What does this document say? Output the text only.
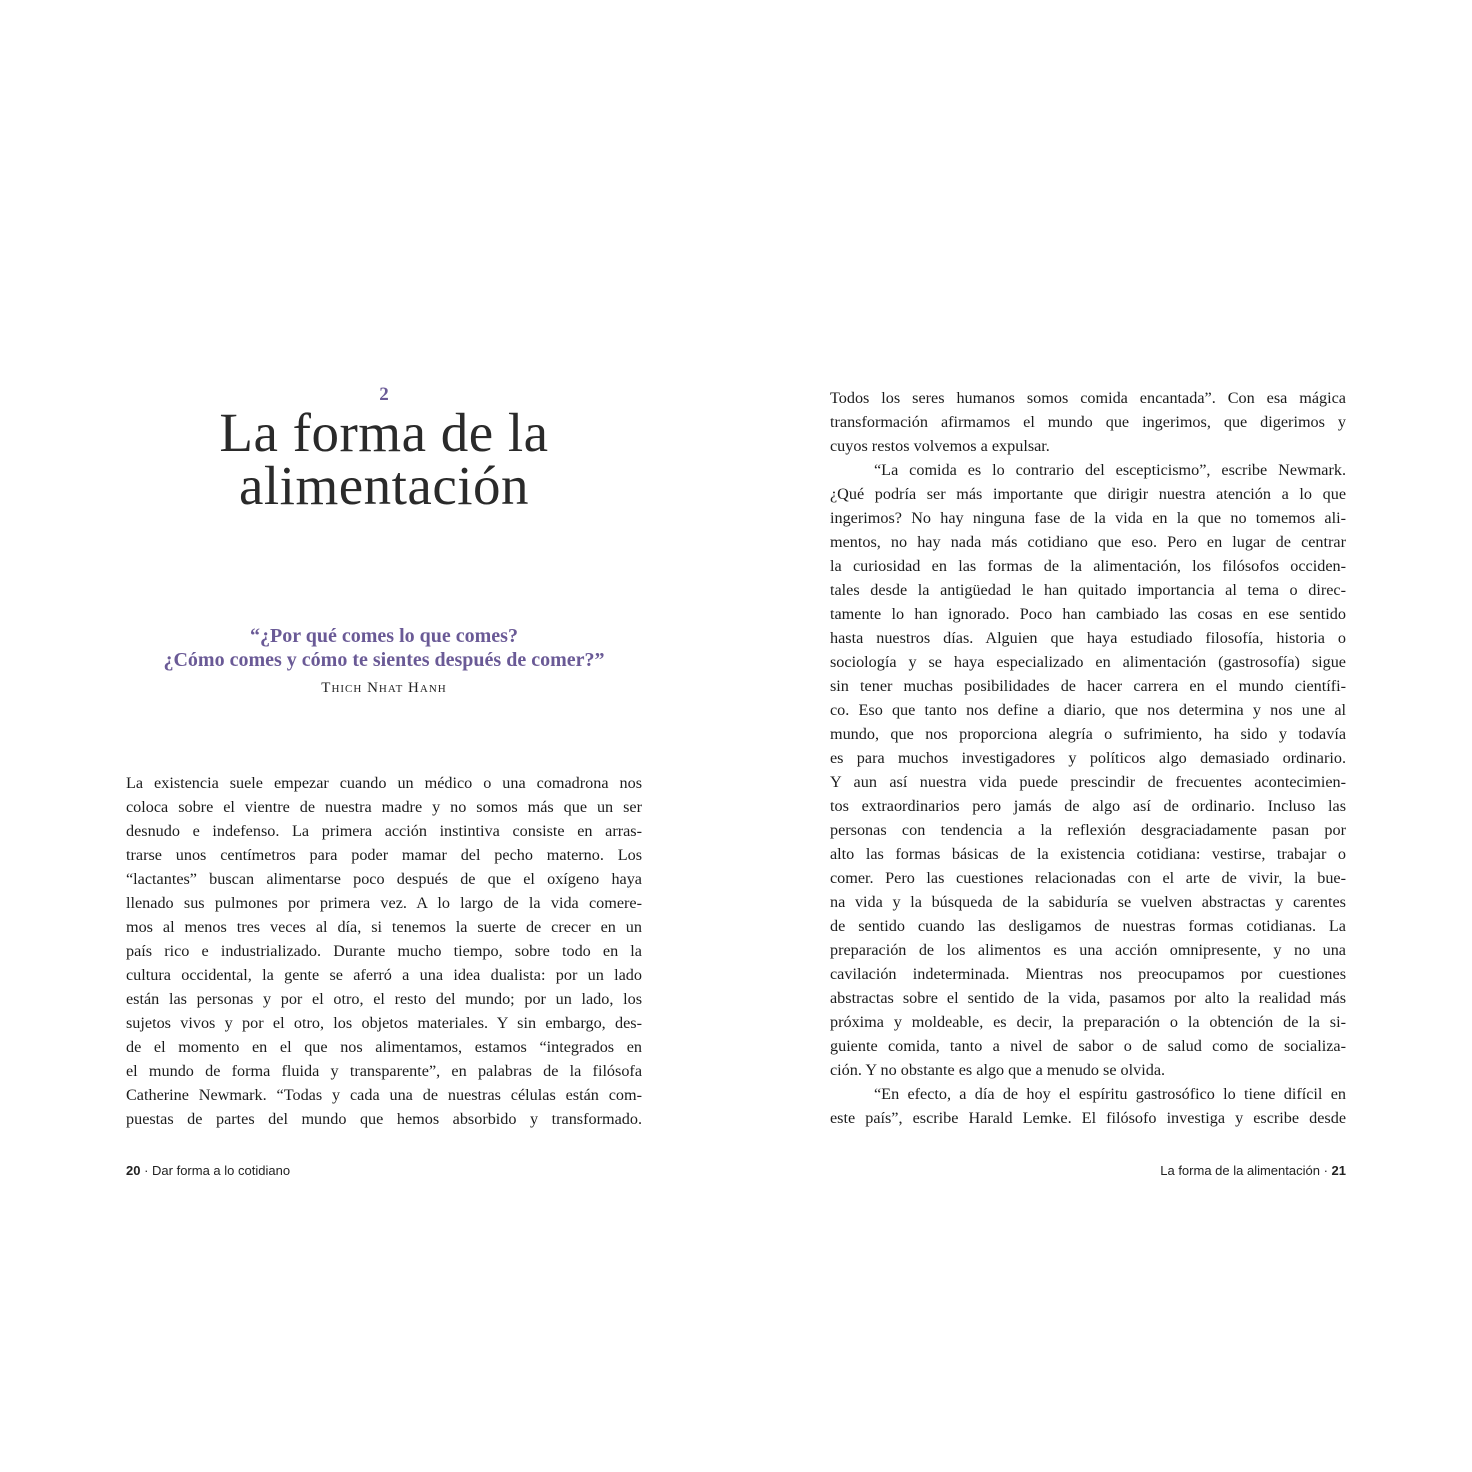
2
La forma de la
alimentación
“¿Por qué comes lo que comes?
¿Cómo comes y cómo te sientes después de comer?”
Thich Nhat Hanh
La existencia suele empezar cuando un médico o una comadrona nos
coloca sobre el vientre de nuestra madre y no somos más que un ser
desnudo e indefenso. La primera acción instintiva consiste en arras-
trarse unos centímetros para poder mamar del pecho materno. Los
“lactantes” buscan alimentarse poco después de que el oxígeno haya
llenado sus pulmones por primera vez. A lo largo de la vida comere-
mos al menos tres veces al día, si tenemos la suerte de crecer en un
país rico e industrializado. Durante mucho tiempo, sobre todo en la
cultura occidental, la gente se aferró a una idea dualista: por un lado
están las personas y por el otro, el resto del mundo; por un lado, los
sujetos vivos y por el otro, los objetos materiales. Y sin embargo, des-
de el momento en el que nos alimentamos, estamos “integrados en
el mundo de forma fluida y transparente”, en palabras de la filósofa
Catherine Newmark. “Todas y cada una de nuestras células están com-
puestas de partes del mundo que hemos absorbido y transformado.
20 · Dar forma a lo cotidiano
Todos los seres humanos somos comida encantada”. Con esa mágica
transformación afirmamos el mundo que ingerimos, que digerimos y
cuyos restos volvemos a expulsar.
“La comida es lo contrario del escepticismo”, escribe Newmark.
¿Qué podría ser más importante que dirigir nuestra atención a lo que
ingerimos? No hay ninguna fase de la vida en la que no tomemos ali-
mentos, no hay nada más cotidiano que eso. Pero en lugar de centrar
la curiosidad en las formas de la alimentación, los filósofos occiden-
tales desde la antigüedad le han quitado importancia al tema o direc-
tamente lo han ignorado. Poco han cambiado las cosas en ese sentido
hasta nuestros días. Alguien que haya estudiado filosofía, historia o
sociología y se haya especializado en alimentación (gastrosofía) sigue
sin tener muchas posibilidades de hacer carrera en el mundo científi-
co. Eso que tanto nos define a diario, que nos determina y nos une al
mundo, que nos proporciona alegría o sufrimiento, ha sido y todavía
es para muchos investigadores y políticos algo demasiado ordinario.
Y aun así nuestra vida puede prescindir de frecuentes acontecimien-
tos extraordinarios pero jamás de algo así de ordinario. Incluso las
personas con tendencia a la reflexión desgraciadamente pasan por
alto las formas básicas de la existencia cotidiana: vestirse, trabajar o
comer. Pero las cuestiones relacionadas con el arte de vivir, la bue-
na vida y la búsqueda de la sabiduría se vuelven abstractas y carentes
de sentido cuando las desligamos de nuestras formas cotidianas. La
preparación de los alimentos es una acción omnipresente, y no una
cavilación indeterminada. Mientras nos preocupamos por cuestiones
abstractas sobre el sentido de la vida, pasamos por alto la realidad más
próxima y moldeable, es decir, la preparación o la obtención de la si-
guiente comida, tanto a nivel de sabor o de salud como de socializa-
ción. Y no obstante es algo que a menudo se olvida.
“En efecto, a día de hoy el espíritu gastrosófico lo tiene difícil en
este país”, escribe Harald Lemke. El filósofo investiga y escribe desde
La forma de la alimentación · 21
